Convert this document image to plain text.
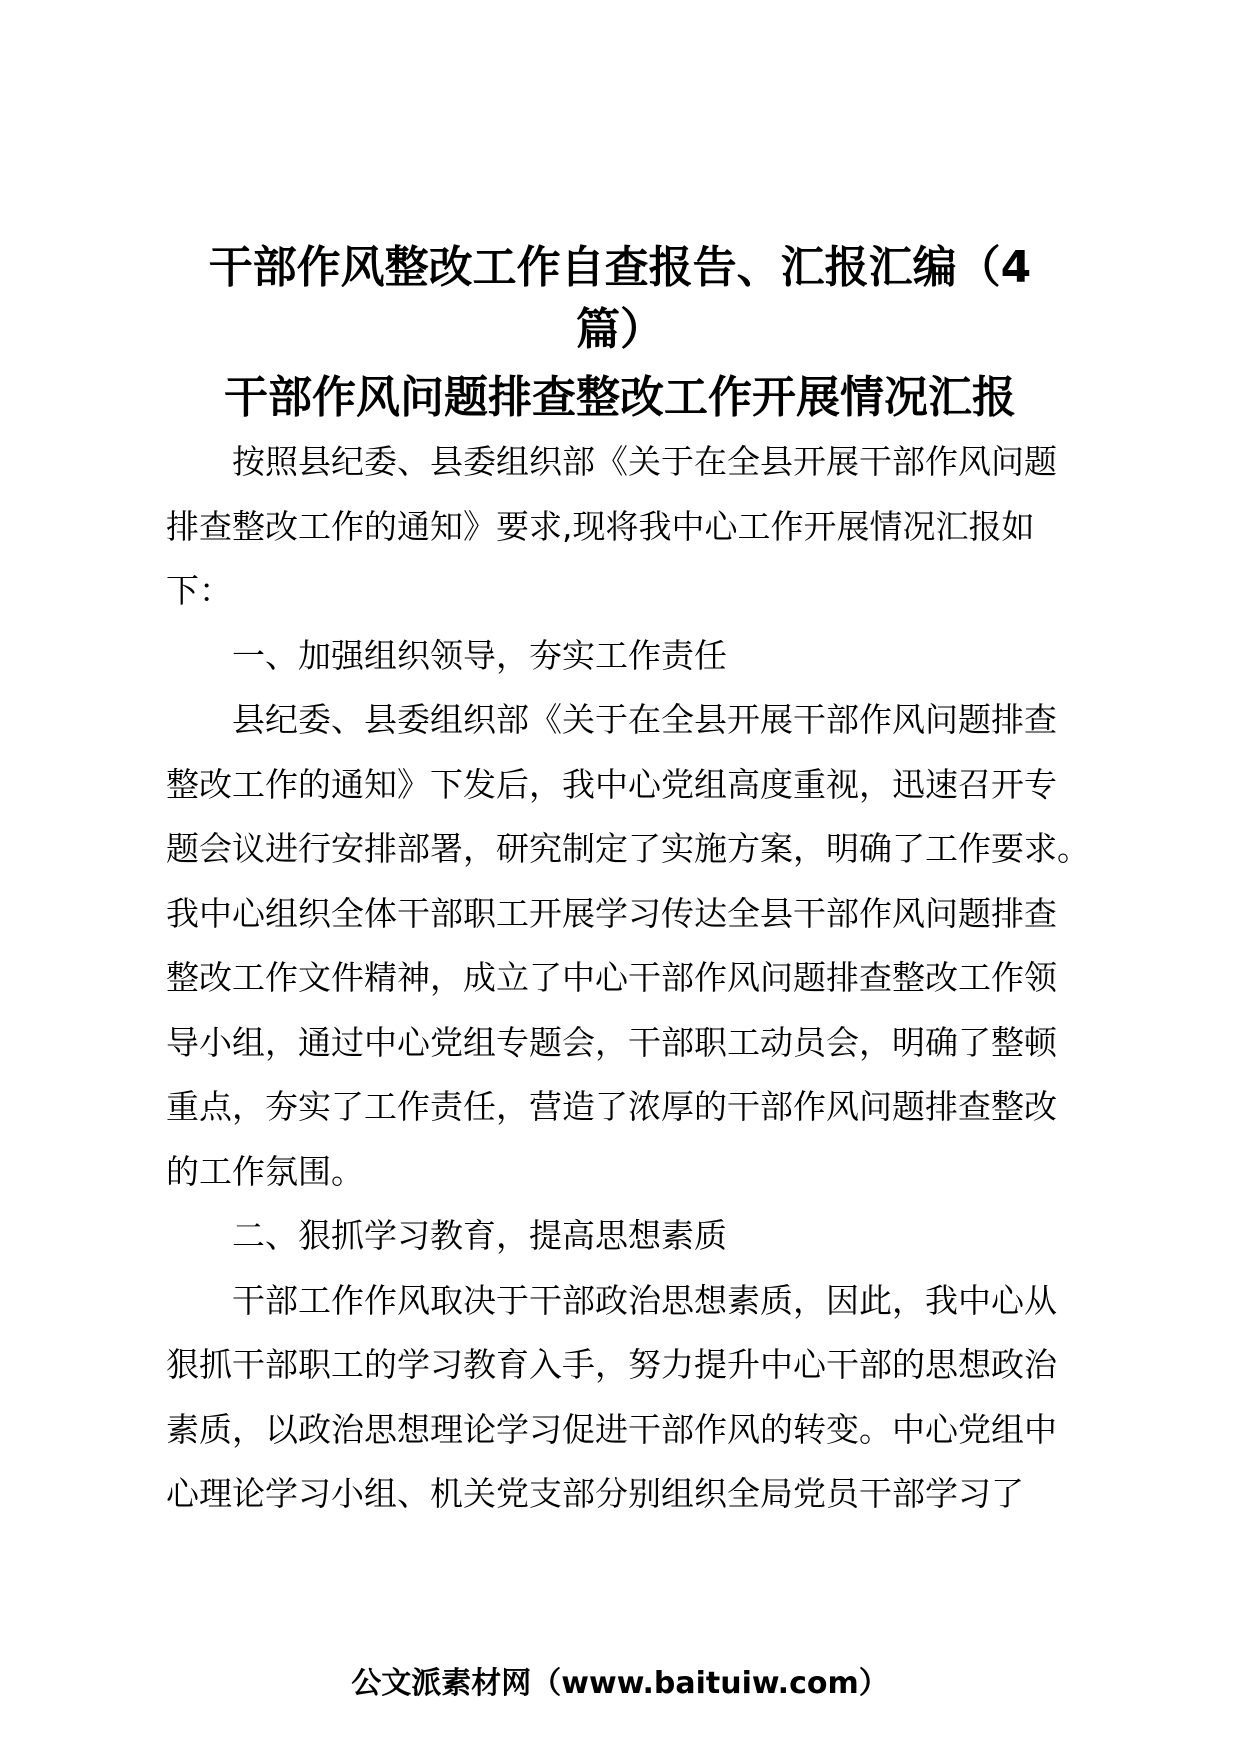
干部作风整改工作自查报告、汇报汇编（4
篇）
干部作风问题排查整改工作开展情况汇报
　　按照县纪委、县委组织部《关于在全县开展干部作风问题
排查整改工作的通知》要求,现将我中心工作开展情况汇报如
下：
　　一、加强组织领导，夯实工作责任
　　县纪委、县委组织部《关于在全县开展干部作风问题排查
整改工作的通知》下发后，我中心党组高度重视，迅速召开专
题会议进行安排部署，研究制定了实施方案，明确了工作要求。
我中心组织全体干部职工开展学习传达全县干部作风问题排查
整改工作文件精神，成立了中心干部作风问题排查整改工作领
导小组，通过中心党组专题会，干部职工动员会，明确了整顿
重点，夯实了工作责任，营造了浓厚的干部作风问题排查整改
的工作氛围。
　　二、狠抓学习教育，提高思想素质
　　干部工作作风取决于干部政治思想素质，因此，我中心从
狠抓干部职工的学习教育入手，努力提升中心干部的思想政治
素质，以政治思想理论学习促进干部作风的转变。中心党组中
心理论学习小组、机关党支部分别组织全局党员干部学习了
公文派素材网（www.baituiw.com）
